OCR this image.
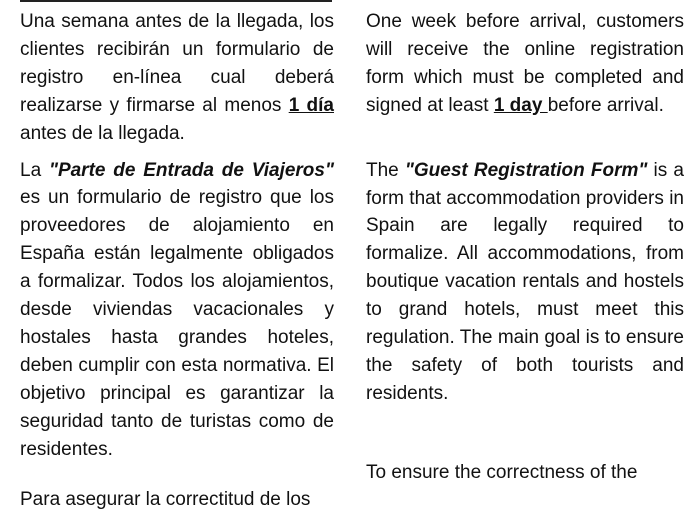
Una semana antes de la llegada, los clientes recibirán un formulario de registro en-línea cual deberá realizarse y firmarse al menos 1 día antes de la llegada.

La "Parte de Entrada de Viajeros" es un formulario de registro que los proveedores de alojamiento en España están legalmente obligados a formalizar. Todos los alojamientos, desde viviendas vacacionales y hostales hasta grandes hoteles, deben cumplir con esta normativa. El objetivo principal es garantizar la seguridad tanto de turistas como de residentes.

Para asegurar la correctitud de los

One week before arrival, customers will receive the online registration form which must be completed and signed at least 1 day before arrival.

The "Guest Registration Form" is a form that accommodation providers in Spain are legally required to formalize. All accommodations, from boutique vacation rentals and hostels to grand hotels, must meet this regulation. The main goal is to ensure the safety of both tourists and residents.

To ensure the correctness of the
